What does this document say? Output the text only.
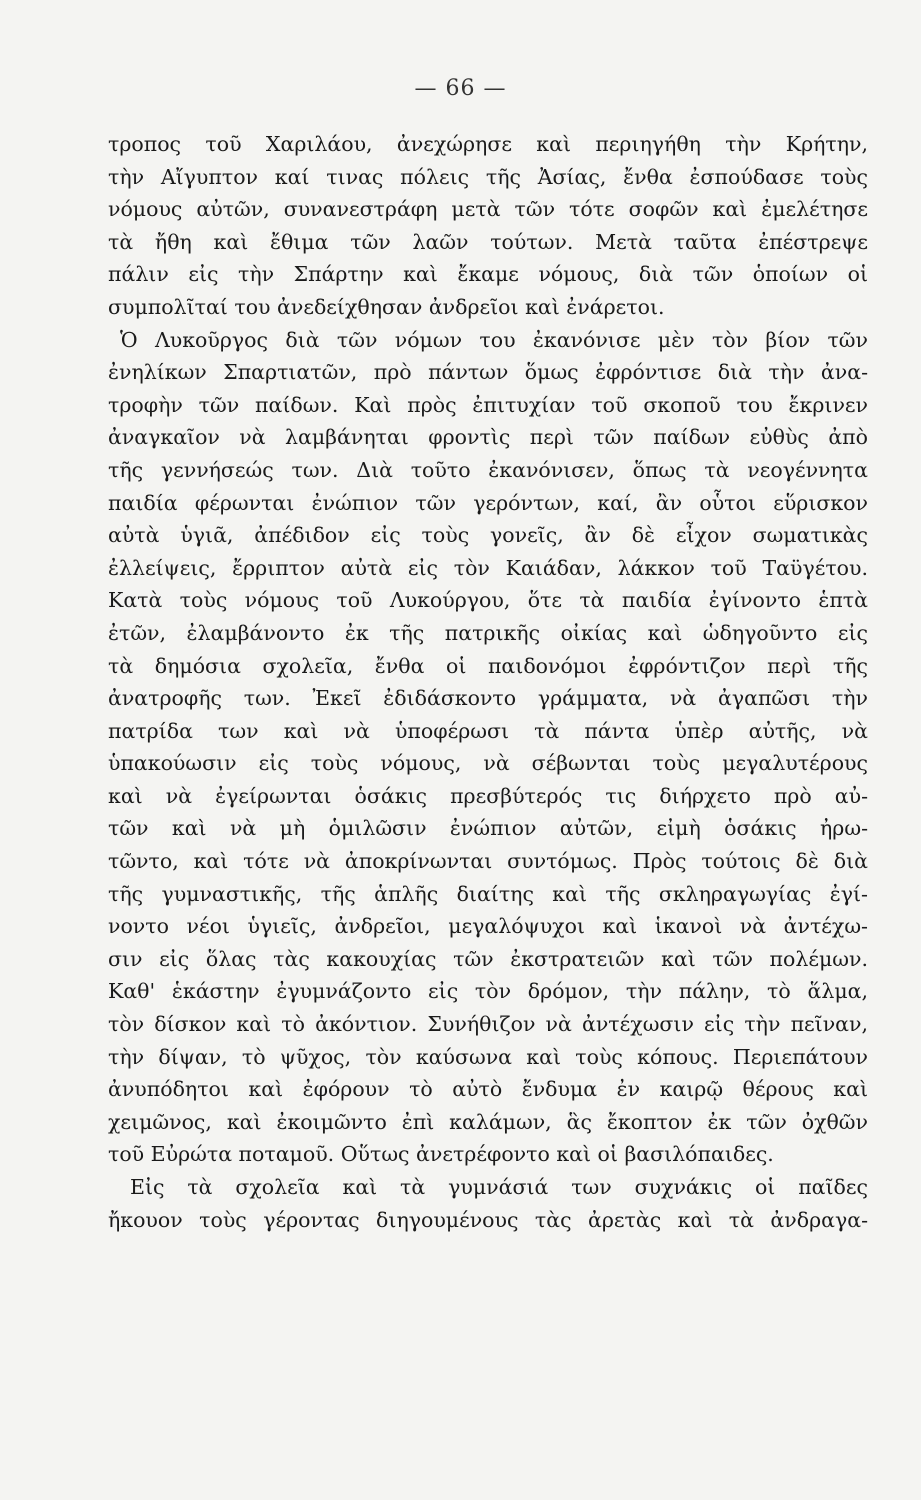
— 66 —
τροπος τοῦ Χαριλάου, ἀνεχώρησε καὶ περιηγήθη τὴν Κρήτην,
τὴν Αἴγυπτον καί τινας πόλεις τῆς Ἀσίας, ἔνθα ἐσπούδασε τοὺς
νόμους αὐτῶν, συνανεστράφη μετὰ τῶν τότε σοφῶν καὶ ἐμελέτησε
τὰ ἤθη καὶ ἔθιμα τῶν λαῶν τούτων. Μετὰ ταῦτα ἐπέστρεψε
πάλιν εἰς τὴν Σπάρτην καὶ ἔκαμε νόμους, διὰ τῶν ὁποίων οἱ
συμπολῖταί του ἀνεδείχθησαν ἀνδρεῖοι καὶ ἐνάρετοι.
Ὁ Λυκοῦργος διὰ τῶν νόμων του ἐκανόνισε μὲν τὸν βίον τῶν
ἐνηλίκων Σπαρτιατῶν, πρὸ πάντων ὅμως ἐφρόντισε διὰ τὴν ἀνα-
τροφὴν τῶν παίδων. Καὶ πρὸς ἐπιτυχίαν τοῦ σκοποῦ του ἔκρινεν
ἀναγκαῖον νὰ λαμβάνηται φροντὶς περὶ τῶν παίδων εὐθὺς ἀπὸ
τῆς γεννήσεώς των. Διὰ τοῦτο ἐκανόνισεν, ὅπως τὰ νεογέννητα
παιδία φέρωνται ἐνώπιον τῶν γερόντων, καί, ἂν οὗτοι εὕρισκον
αὐτὰ ὑγιᾶ, ἀπέδιδον εἰς τοὺς γονεῖς, ἂν δὲ εἶχον σωματικὰς
ἐλλείψεις, ἔρριπτον αὐτὰ εἰς τὸν Καιάδαν, λάκκον τοῦ Ταϋγέτου.
Κατὰ τοὺς νόμους τοῦ Λυκούργου, ὅτε τὰ παιδία ἐγίνοντο ἑπτὰ
ἐτῶν, ἐλαμβάνοντο ἐκ τῆς πατρικῆς οἰκίας καὶ ὡδηγοῦντο εἰς
τὰ δημόσια σχολεῖα, ἔνθα οἱ παιδονόμοι ἐφρόντιζον περὶ τῆς
ἀνατροφῆς των. Ἐκεῖ ἐδιδάσκοντο γράμματα, νὰ ἀγαπῶσι τὴν
πατρίδα των καὶ νὰ ὑποφέρωσι τὰ πάντα ὑπὲρ αὐτῆς, νὰ
ὑπακούωσιν εἰς τοὺς νόμους, νὰ σέβωνται τοὺς μεγαλυτέρους
καὶ νὰ ἐγείρωνται ὁσάκις πρεσβύτερός τις διήρχετο πρὸ αὐ-
τῶν καὶ νὰ μὴ ὁμιλῶσιν ἐνώπιον αὐτῶν, εἰμὴ ὁσάκις ἠρω-
τῶντο, καὶ τότε νὰ ἀποκρίνωνται συντόμως. Πρὸς τούτοις δὲ διὰ
τῆς γυμναστικῆς, τῆς ἁπλῆς διαίτης καὶ τῆς σκληραγωγίας ἐγί-
νοντο νέοι ὑγιεῖς, ἀνδρεῖοι, μεγαλόψυχοι καὶ ἱκανοὶ νὰ ἀντέχω-
σιν εἰς ὅλας τὰς κακουχίας τῶν ἐκστρατειῶν καὶ τῶν πολέμων.
Καθ' ἑκάστην ἐγυμνάζοντο εἰς τὸν δρόμον, τὴν πάλην, τὸ ἅλμα,
τὸν δίσκον καὶ τὸ ἀκόντιον. Συνήθιζον νὰ ἀντέχωσιν εἰς τὴν πεῖναν,
τὴν δίψαν, τὸ ψῦχος, τὸν καύσωνα καὶ τοὺς κόπους. Περιεπάτουν
ἀνυπόδητοι καὶ ἐφόρουν τὸ αὐτὸ ἔνδυμα ἐν καιρῷ θέρους καὶ
χειμῶνος, καὶ ἐκοιμῶντο ἐπὶ καλάμων, ἃς ἔκοπτον ἐκ τῶν ὀχθῶν
τοῦ Εὐρώτα ποταμοῦ. Οὕτως ἀνετρέφοντο καὶ οἱ βασιλόπαιδες.
Εἰς τὰ σχολεῖα καὶ τὰ γυμνάσιά των συχνάκις οἱ παῖδες
ἤκουον τοὺς γέροντας διηγουμένους τὰς ἀρετὰς καὶ τὰ ἀνδραγα-
